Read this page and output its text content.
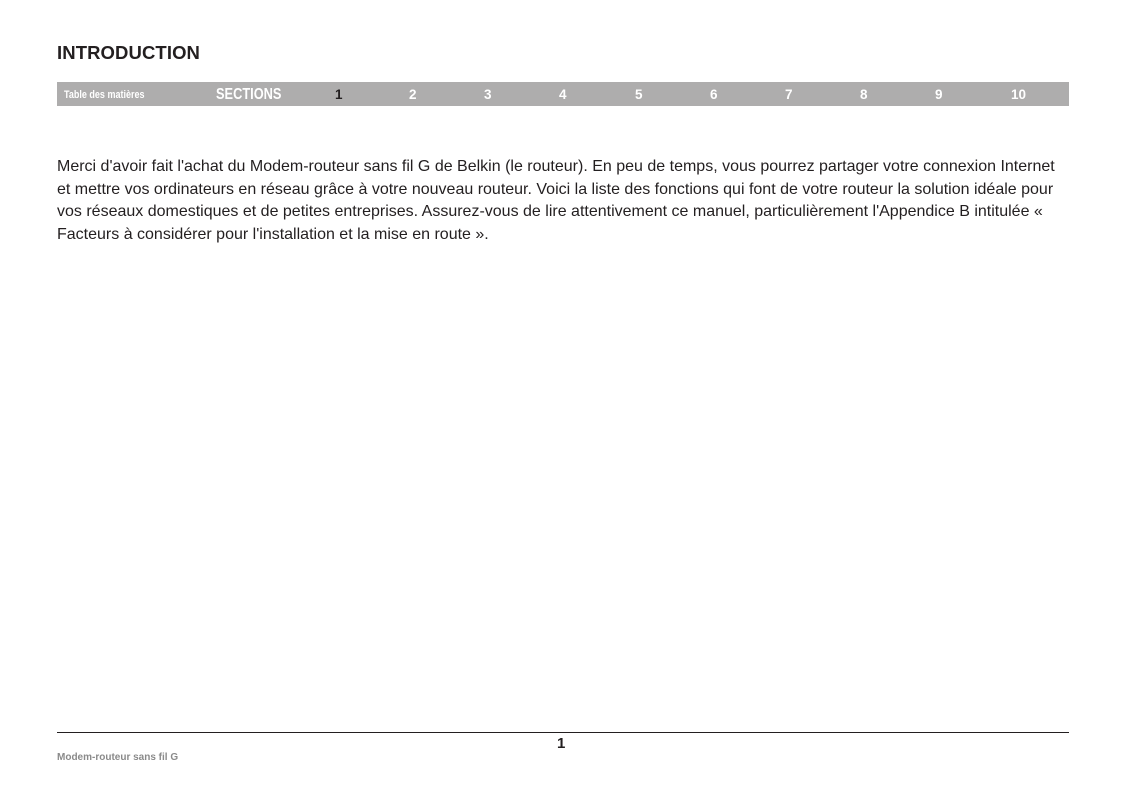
INTRODUCTION
Table des matières	SECTIONS	1	2	3	4	5	6	7	8	9	10

Merci d'avoir fait l'achat du Modem-routeur sans fil G de Belkin (le routeur). En peu de temps, vous pourrez partager votre connexion Internet et mettre vos ordinateurs en réseau grâce à votre nouveau routeur. Voici la liste des fonctions qui font de votre routeur la solution idéale pour vos réseaux domestiques et de petites entreprises. Assurez-vous de lire attentivement ce manuel, particulièrement l'Appendice B intitulée « Facteurs à considérer pour l'installation et la mise en route ».

1
Modem-routeur sans fil G
